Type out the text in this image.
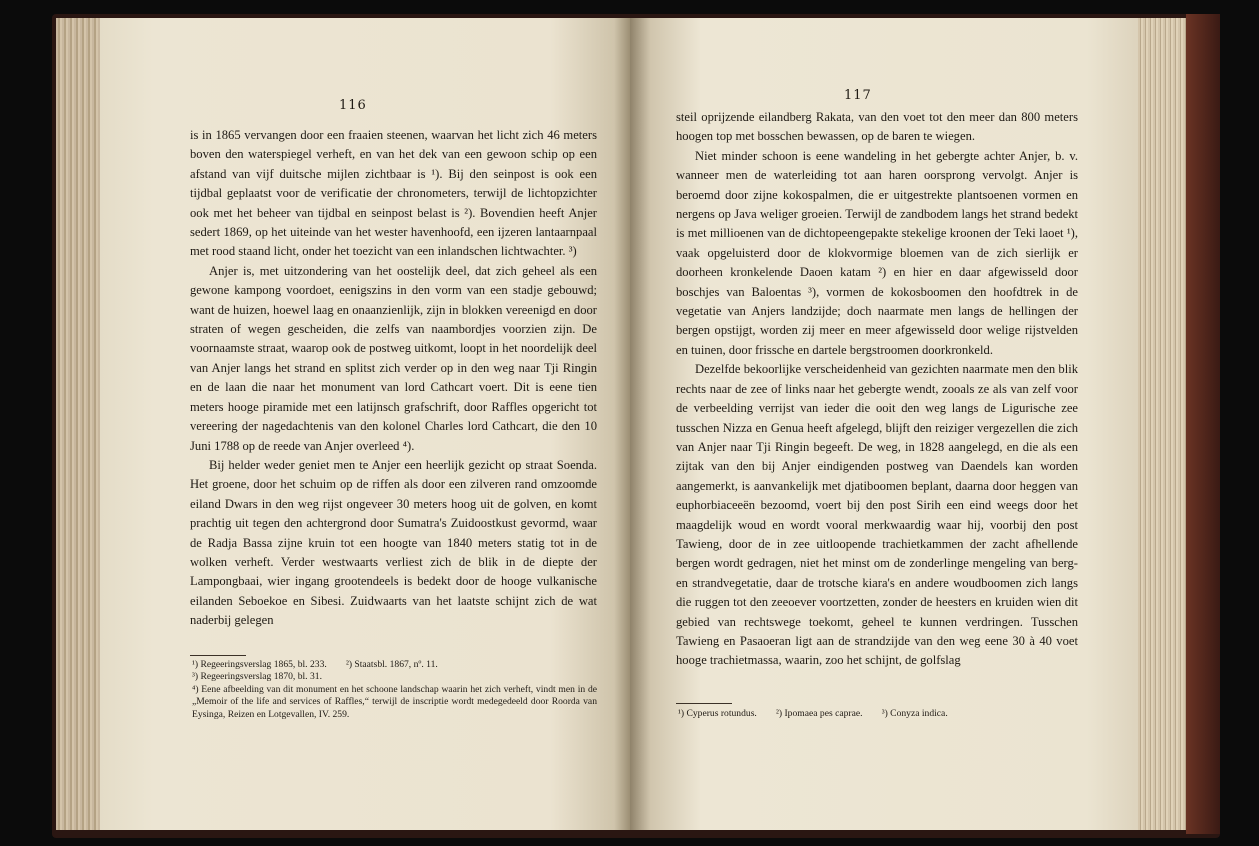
116

is in 1865 vervangen door een fraaien steenen, waarvan het licht zich 46 meters boven den waterspiegel verheft, en van het dek van een gewoon schip op een afstand van vijf duitsche mijlen zichtbaar is ¹). Bij den seinpost is ook een tijdbal geplaatst voor de verificatie der chronometers, terwijl de lichtopzichter ook met het beheer van tijdbal en seinpost belast is ²). Bovendien heeft Anjer sedert 1869, op het uiteinde van het wester havenhoofd, een ijzeren lantaarnpaal met rood staand licht, onder het toezicht van een inlandschen lichtwachter. ³)

Anjer is, met uitzondering van het oostelijk deel, dat zich geheel als een gewone kampong voordoet, eenigszins in den vorm van een stadje gebouwd; want de huizen, hoewel laag en onaanzienlijk, zijn in blokken vereenigd en door straten of wegen gescheiden, die zelfs van naambordjes voorzien zijn. De voornaamste straat, waarop ook de postweg uitkomt, loopt in het noordelijk deel van Anjer langs het strand en splitst zich verder op in den weg naar Tji Ringin en de laan die naar het monument van lord Cathcart voert. Dit is eene tien meters hooge piramide met een latijnsch grafschrift, door Raffles opgericht tot vereering der nagedachtenis van den kolonel Charles lord Cathcart, die den 10 Juni 1788 op de reede van Anjer overleed ⁴).

Bij helder weder geniet men te Anjer een heerlijk gezicht op straat Soenda. Het groene, door het schuim op de riffen als door een zilveren rand omzoomde eiland Dwars in den weg rijst ongeveer 30 meters hoog uit de golven, en komt prachtig uit tegen den achtergrond door Sumatra's Zuidoostkust gevormd, waar de Radja Bassa zijne kruin tot een hoogte van 1840 meters statig tot in de wolken verheft. Verder westwaarts verliest zich de blik in de diepte der Lampongbaai, wier ingang grootendeels is bedekt door de hooge vulkanische eilanden Seboekoe en Sibesi. Zuidwaarts van het laatste schijnt zich de wat naderbij gelegen

¹) Regeeringsverslag 1865, bl. 233.        ²) Staatsbl. 1867, nº. 11.

³) Regeeringsverslag 1870, bl. 31.

⁴) Eene afbeelding van dit monument en het schoone landschap waarin het zich verheft, vindt men in de „Memoir of the life and services of Raffles,“ terwijl de inscriptie wordt medegedeeld door Roorda van Eysinga, Reizen en Lotgevallen, IV. 259.

117

steil oprijzende eilandberg Rakata, van den voet tot den meer dan 800 meters hoogen top met bosschen bewassen, op de baren te wiegen.

Niet minder schoon is eene wandeling in het gebergte achter Anjer, b. v. wanneer men de waterleiding tot aan haren oorsprong vervolgt. Anjer is beroemd door zijne kokospalmen, die er uitgestrekte plantsoenen vormen en nergens op Java weliger groeien. Terwijl de zandbodem langs het strand bedekt is met millioenen van de dichtopeengepakte stekelige kroonen der Teki laoet ¹), vaak opgeluisterd door de klokvormige bloemen van de zich sierlijk er doorheen kronkelende Daoen katam ²) en hier en daar afgewisseld door boschjes van Baloentas ³), vormen de kokosboomen den hoofdtrek in de vegetatie van Anjers landzijde; doch naarmate men langs de hellingen der bergen opstijgt, worden zij meer en meer afgewisseld door welige rijstvelden en tuinen, door frissche en dartele bergstroomen doorkronkeld.

Dezelfde bekoorlijke verscheidenheid van gezichten naarmate men den blik rechts naar de zee of links naar het gebergte wendt, zooals ze als van zelf voor de verbeelding verrijst van ieder die ooit den weg langs de Ligurische zee tusschen Nizza en Genua heeft afgelegd, blijft den reiziger vergezellen die zich van Anjer naar Tji Ringin begeeft. De weg, in 1828 aangelegd, en die als een zijtak van den bij Anjer eindigenden postweg van Daendels kan worden aangemerkt, is aanvankelijk met djatiboomen beplant, daarna door heggen van euphorbiaceeën bezoomd, voert bij den post Sirih een eind weegs door het maagdelijk woud en wordt vooral merkwaardig waar hij, voorbij den post Tawieng, door de in zee uitloopende trachietkammen der zacht afhellende bergen wordt gedragen, niet het minst om de zonderlinge mengeling van berg- en strandvegetatie, daar de trotsche kiara's en andere woudboomen zich langs die ruggen tot den zeeoever voortzetten, zonder de heesters en kruiden wien dit gebied van rechtswege toekomt, geheel te kunnen verdringen. Tusschen Tawieng en Pasaoeran ligt aan de strandzijde van den weg eene 30 à 40 voet hooge trachietmassa, waarin, zoo het schijnt, de golfslag

¹) Cyperus rotundus.        ²) Ipomaea pes caprae.        ³) Conyza indica.
